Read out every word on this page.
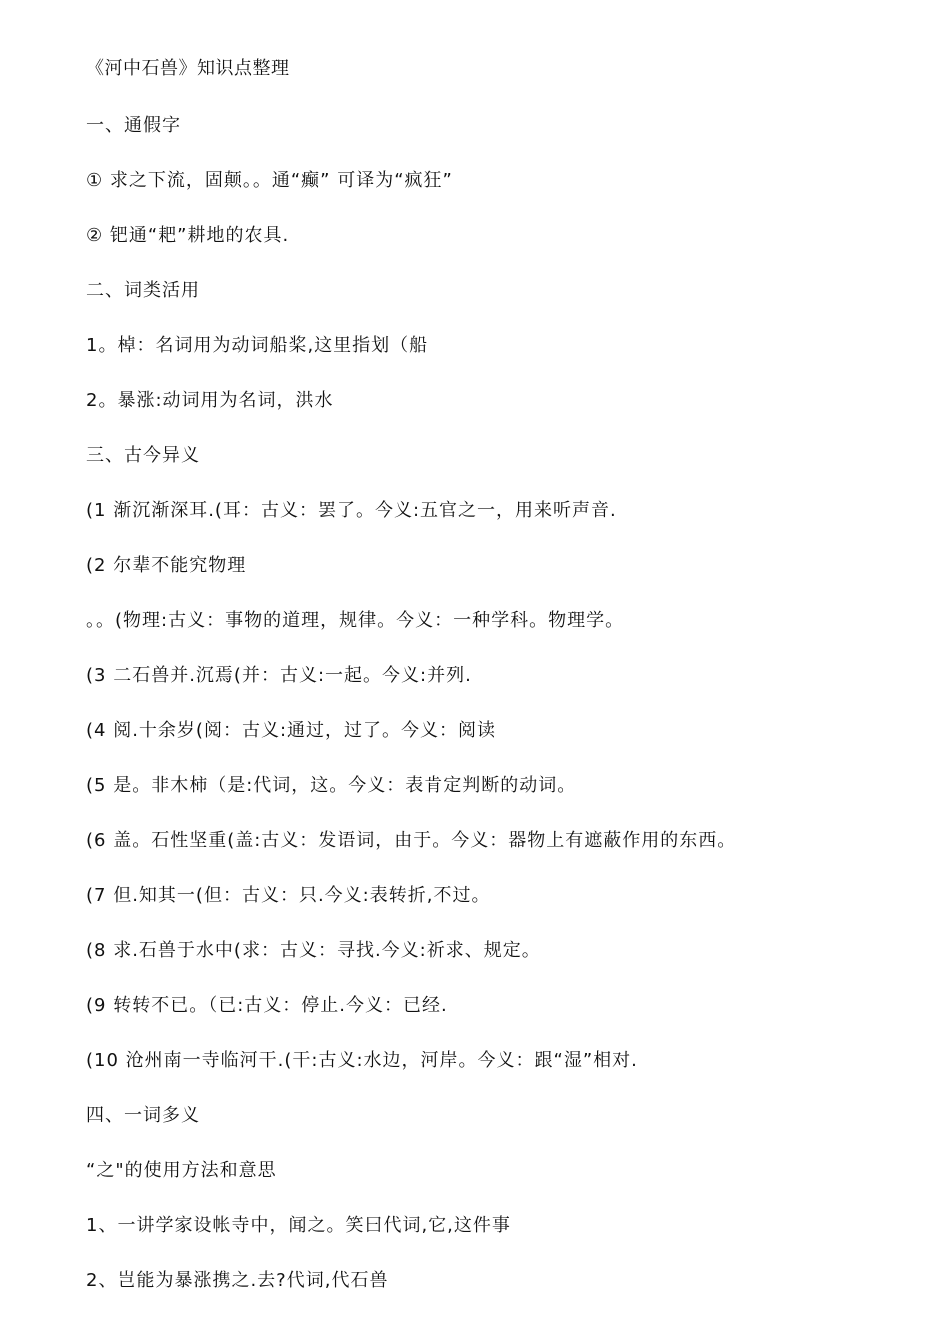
《河中石兽》知识点整理
一、通假字
① 求之下流，固颠。。通“癫” 可译为“疯狂”
② 钯通“耙”耕地的农具.
二、词类活用
1。棹：名词用为动词船桨,这里指划（船
2。暴涨:动词用为名词，洪水
三、古今异义
(1 渐沉渐深耳.(耳：古义：罢了。今义:五官之一，用来听声音.
(2 尔辈不能究物理
。。(物理:古义：事物的道理，规律。今义：一种学科。物理学。
(3 二石兽并.沉焉(并：古义:一起。今义:并列.
(4 阅.十余岁(阅：古义:通过，过了。今义：阅读
(5 是。非木柿（是:代词，这。今义：表肯定判断的动词。
(6 盖。石性坚重(盖:古义：发语词，由于。今义：器物上有遮蔽作用的东西。
(7 但.知其一(但：古义：只.今义:表转折,不过。
(8 求.石兽于水中(求：古义：寻找.今义:祈求、规定。
(9 转转不已。（已:古义：停止.今义：已经.
(10 沧州南一寺临河干.(干:古义:水边，河岸。今义：跟“湿”相对.
四、一词多义
“之"的使用方法和意思
1、一讲学家设帐寺中，闻之。笑曰代词,它,这件事
2、岂能为暴涨携之.去?代词,代石兽
